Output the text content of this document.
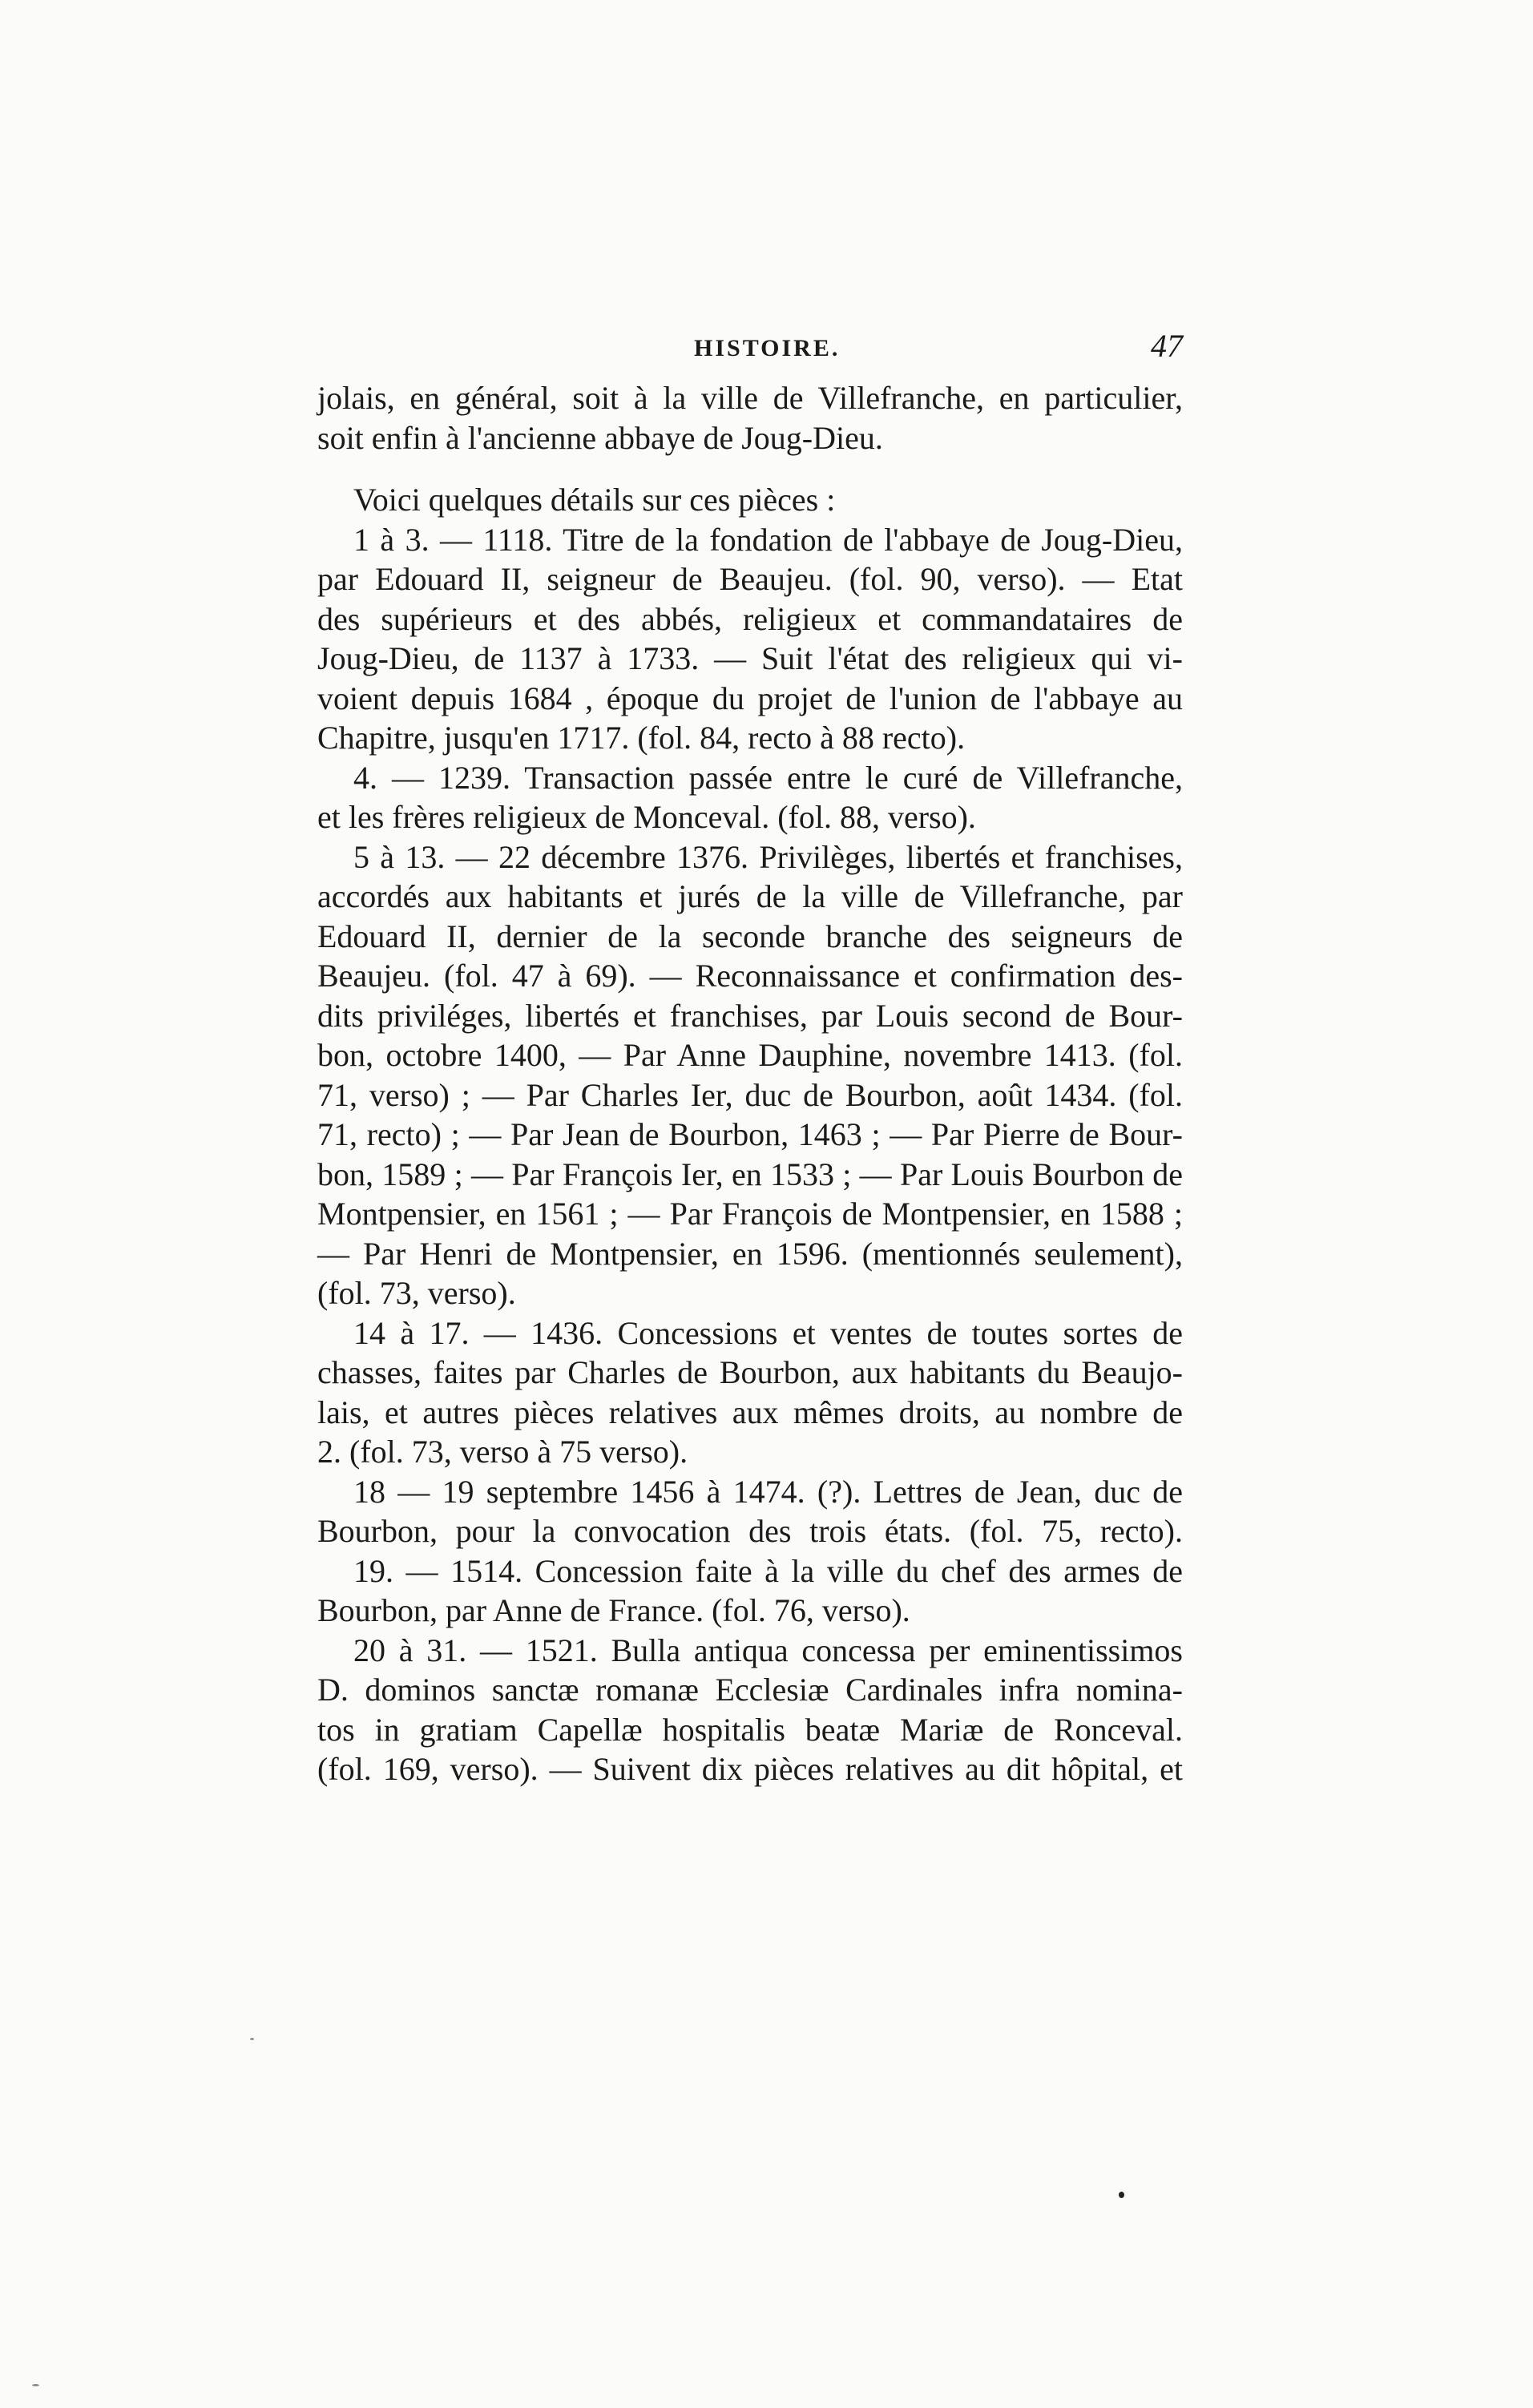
HISTOIRE.	47
jolais, en général, soit à la ville de Villefranche, en particulier,
soit enfin à l'ancienne abbaye de Joug-Dieu.
Voici quelques détails sur ces pièces :
1 à 3. — 1118. Titre de la fondation de l'abbaye de Joug-Dieu,
par Edouard II, seigneur de Beaujeu. (fol. 90, verso). — Etat
des supérieurs et des abbés, religieux et commandataires de
Joug-Dieu, de 1137 à 1733. — Suit l'état des religieux qui vi-
voient depuis 1684 , époque du projet de l'union de l'abbaye au
Chapitre, jusqu'en 1717. (fol. 84, recto à 88 recto).
4. — 1239. Transaction passée entre le curé de Villefranche,
et les frères religieux de Monceval. (fol. 88, verso).
5 à 13. — 22 décembre 1376. Privilèges, libertés et franchises,
accordés aux habitants et jurés de la ville de Villefranche, par
Edouard II, dernier de la seconde branche des seigneurs de
Beaujeu. (fol. 47 à 69). — Reconnaissance et confirmation des-
dits priviléges, libertés et franchises, par Louis second de Bour-
bon, octobre 1400, — Par Anne Dauphine, novembre 1413. (fol.
71, verso) ; — Par Charles Ier, duc de Bourbon, août 1434. (fol.
71, recto) ; — Par Jean de Bourbon, 1463 ; — Par Pierre de Bour-
bon, 1589 ; — Par François Ier, en 1533 ; — Par Louis Bourbon de
Montpensier, en 1561 ; — Par François de Montpensier, en 1588 ;
— Par Henri de Montpensier, en 1596. (mentionnés seulement),
(fol. 73, verso).
14 à 17. — 1436. Concessions et ventes de toutes sortes de
chasses, faites par Charles de Bourbon, aux habitants du Beaujo-
lais, et autres pièces relatives aux mêmes droits, au nombre de
2. (fol. 73, verso à 75 verso).
18 — 19 septembre 1456 à 1474. (?). Lettres de Jean, duc de
Bourbon, pour la convocation des trois états. (fol. 75, recto).
19. — 1514. Concession faite à la ville du chef des armes de
Bourbon, par Anne de France. (fol. 76, verso).
20 à 31. — 1521. Bulla antiqua concessa per eminentissimos
D. dominos sanctæ romanæ Ecclesiæ Cardinales infra nomina-
tos in gratiam Capellæ hospitalis beatæ Mariæ de Ronceval.
(fol. 169, verso). — Suivent dix pièces relatives au dit hôpital, et
